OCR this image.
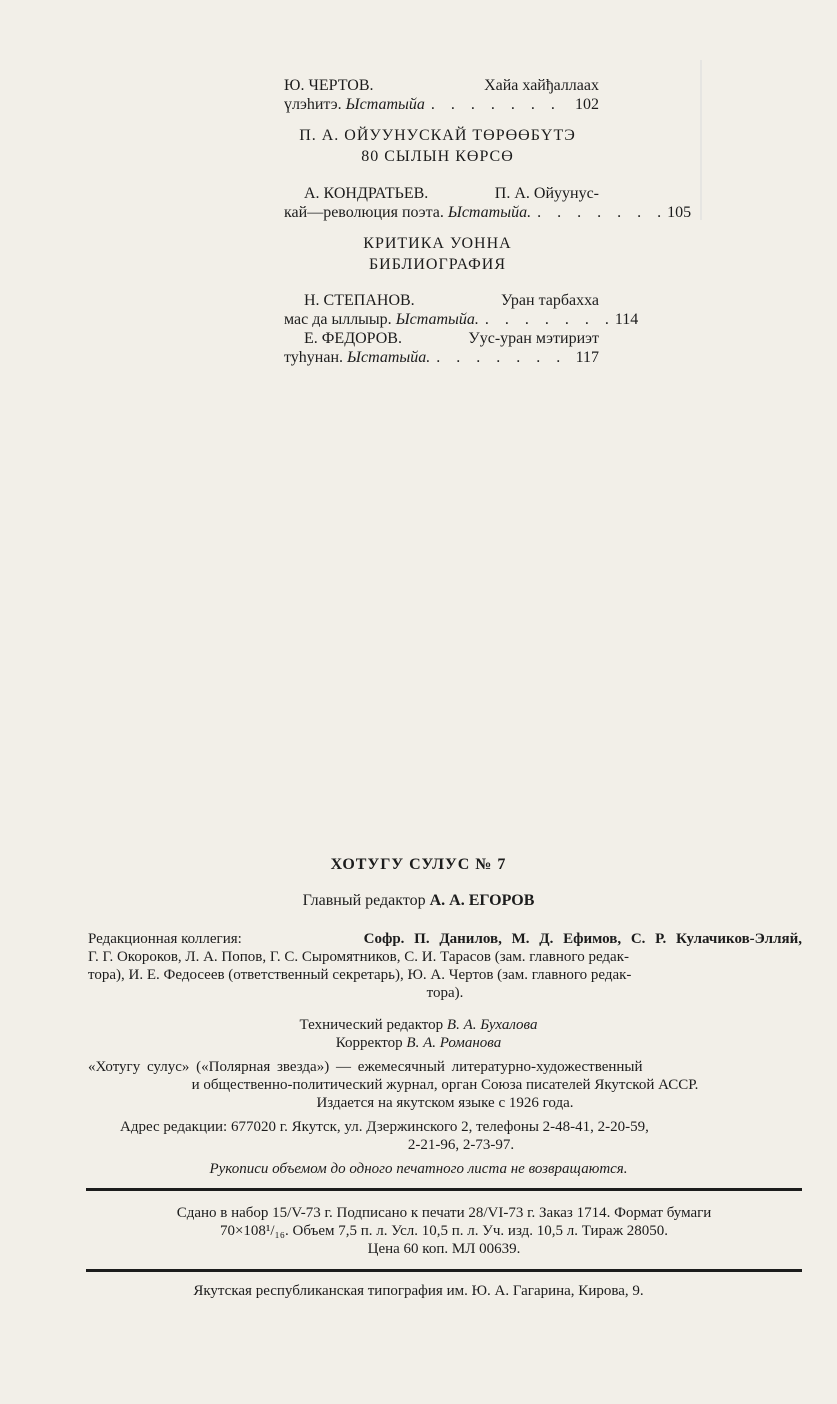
Ю. ЧЕРТОВ.	Хайа хайђаллаах
үлэһитэ.
Ыстатыйа . . . . . . . 102
П. А. ОЙУУНУСКАЙ ТӨРӨӨБҮТЭ
80 СЫЛЫН КӨРСӨ
А. КОНДРАТЬЕВ.	П. А. Ойуунус-
кай—революция поэта.
Ыстатыйа. . . . . . . . 105
КРИТИКА УОННА
БИБЛИОГРАФИЯ
Н. СТЕПАНОВ.	Уран тарбахха
мас да ыллыыр.
Ыстатыйа. . . . . . . . 114
Е. ФЕДОРОВ.	Уус-уран мэтириэт
туһунан.
Ыстатыйа. . . . . . . . 117
ХОТУГУ СУЛУС № 7
Главный редактор А. А. ЕГОРОВ
Редакционная коллегия:	Софр. П. Данилов, М. Д. Ефимов, С. Р. Кулачиков-Элляй,
Г. Г. Окороков, Л. А. Попов, Г. С. Сыромятников, С. И. Тарасов (зам. главного редак-
тора), И. Е. Федосеев (ответственный секретарь), Ю. А. Чертов (зам. главного редак-
тора).
Технический редактор В. А. Бухалова
Корректор В. А. Романова
«Хотугу сулус» («Полярная звезда») — ежемесячный литературно-художественный
и общественно-политический журнал, орган Союза писателей Якутской АССР.
Издается на якутском языке с 1926 года.
Адрес редакции: 677020 г. Якутск, ул. Дзержинского 2, телефоны 2-48-41, 2-20-59,
2-21-96, 2-73-97.
Рукописи объемом до одного печатного листа не возвращаются.
Сдано в набор 15/V-73 г. Подписано к печати 28/VI-73 г. Заказ 1714. Формат бумаги
70×108¹/₁₆. Объем 7,5 п. л. Усл. 10,5 п. л. Уч. изд. 10,5 л. Тираж 28050.
Цена 60 коп. МЛ 00639.
Якутская республиканская типография им. Ю. А. Гагарина, Кирова, 9.
